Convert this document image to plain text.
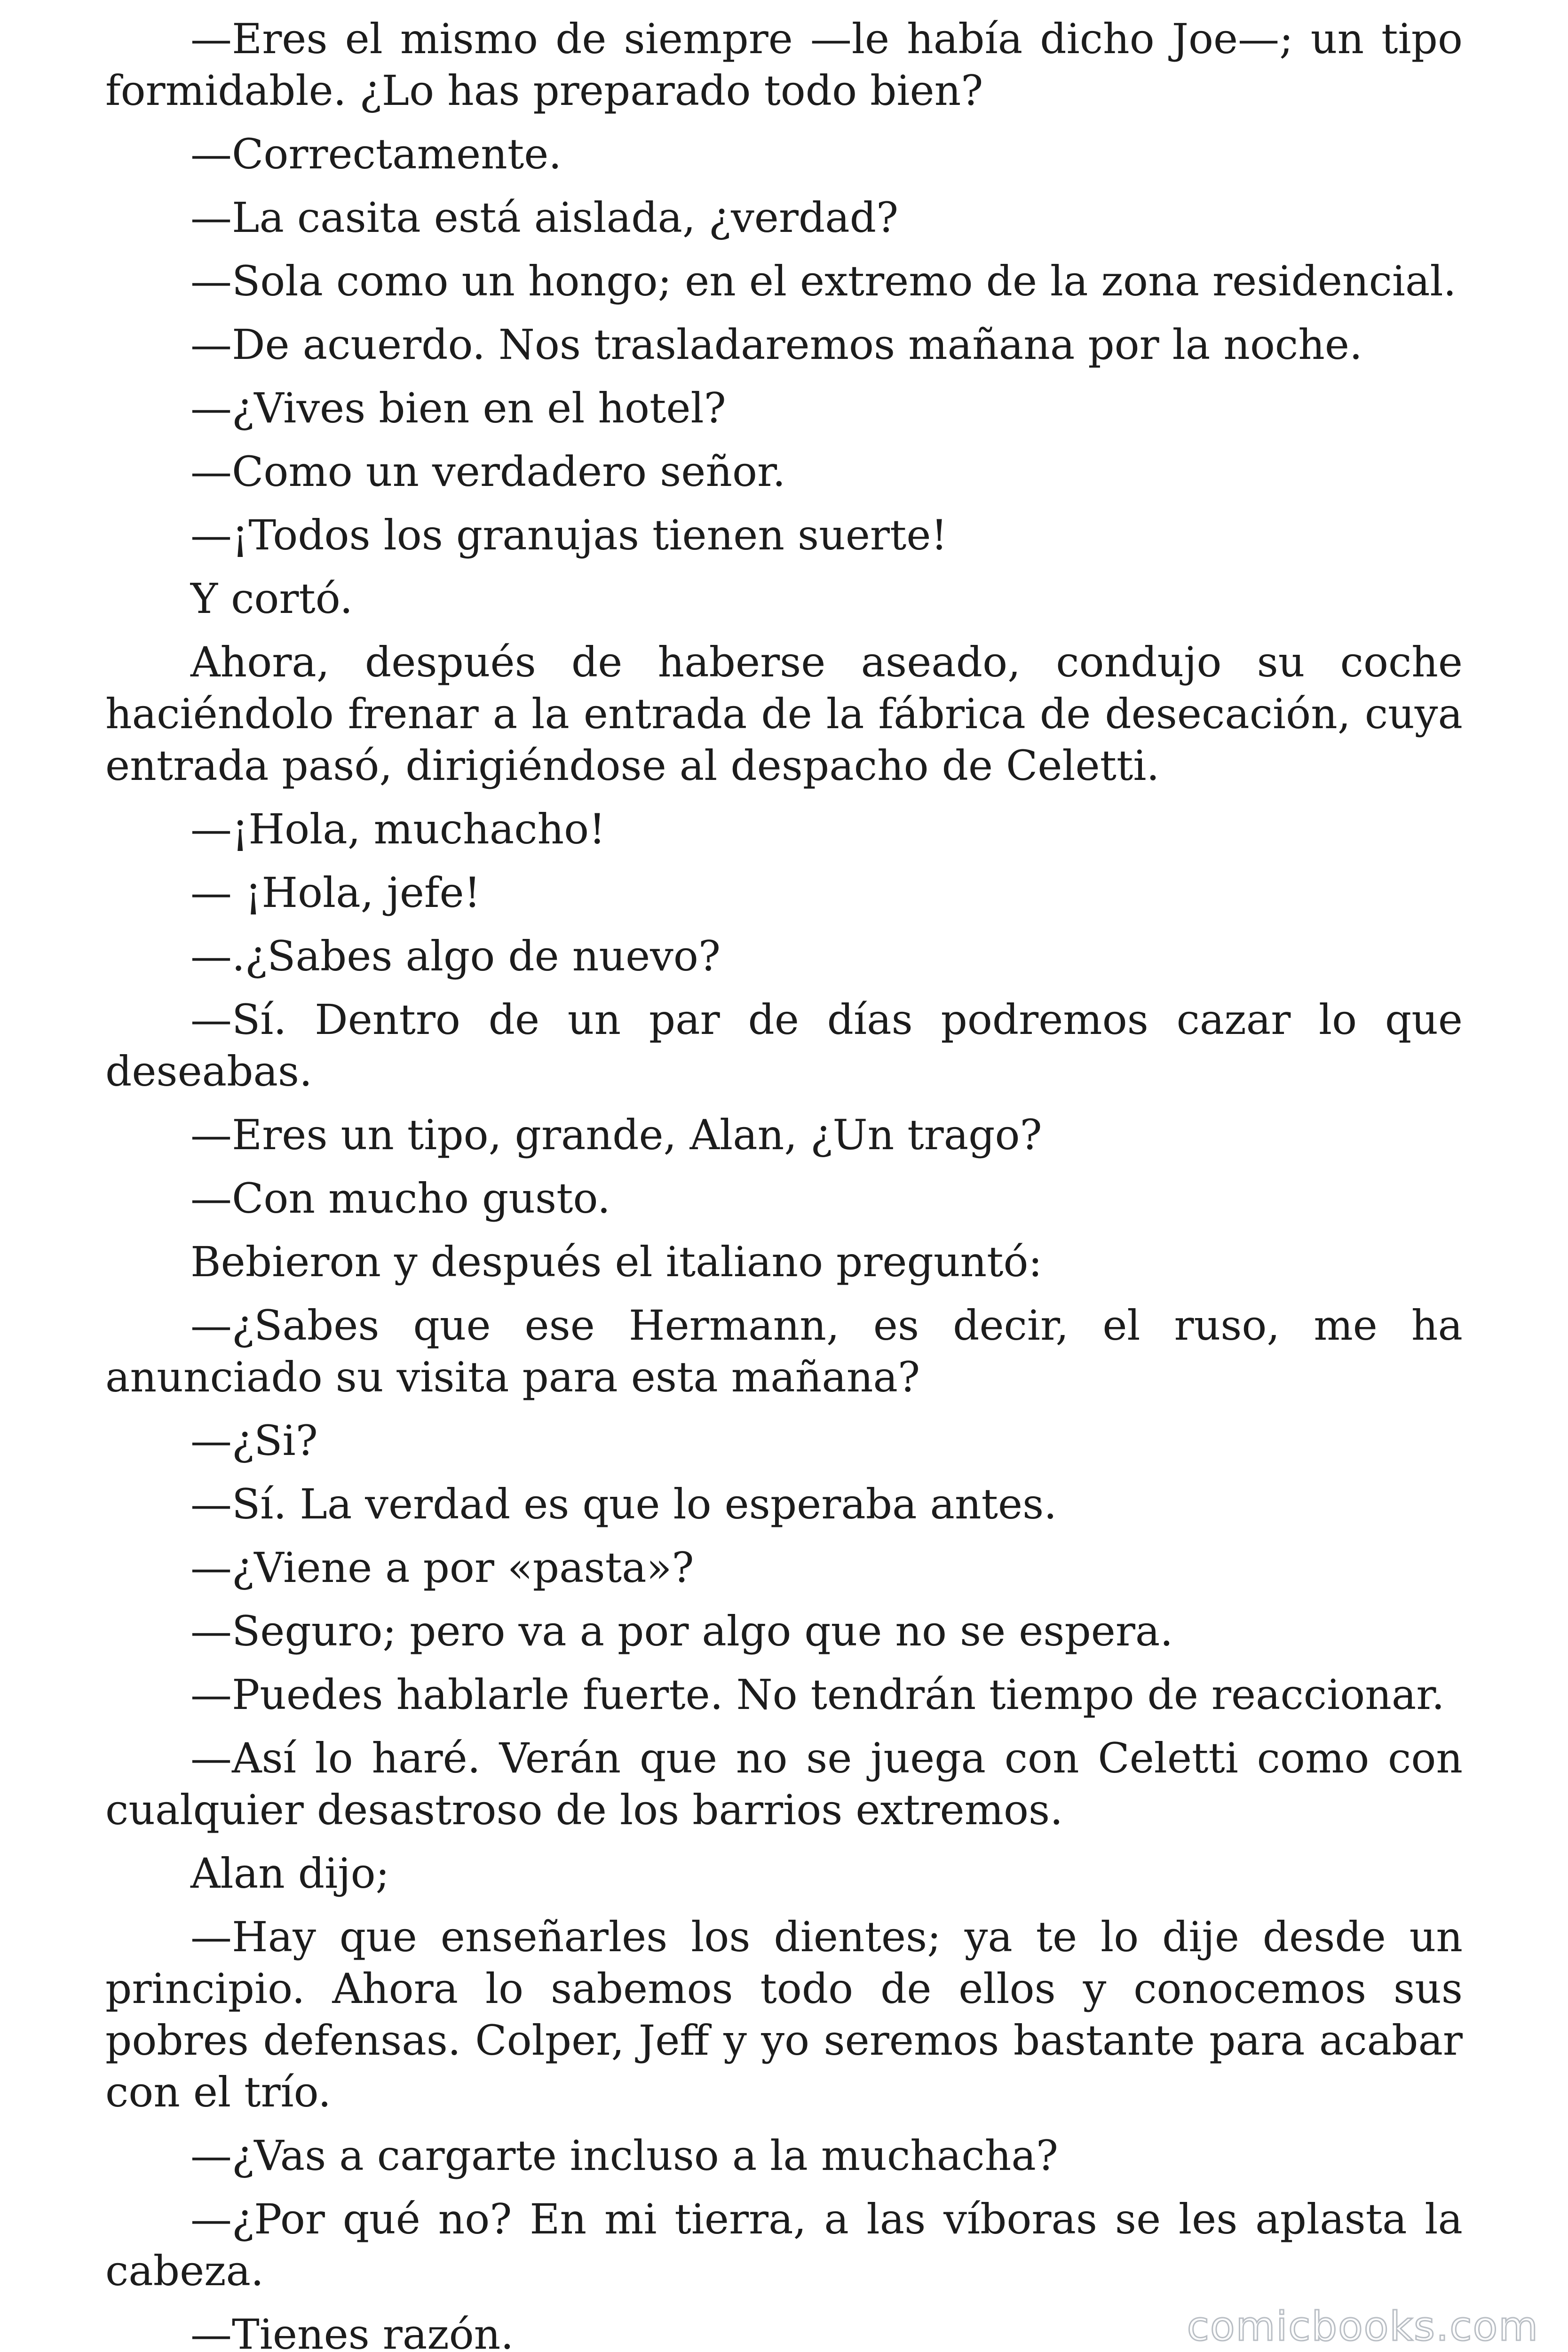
—Eres el mismo de siempre —le había dicho Joe—; un tipo formidable. ¿Lo has preparado todo bien?

—Correctamente.

—La casita está aislada, ¿verdad?

—Sola como un hongo; en el extremo de la zona residencial.

—De acuerdo. Nos trasladaremos mañana por la noche.

—¿Vives bien en el hotel?

—Como un verdadero señor.

—¡Todos los granujas tienen suerte!

Y cortó.

Ahora, después de haberse aseado, condujo su coche haciéndolo frenar a la entrada de la fábrica de desecación, cuya entrada pasó, dirigiéndose al despacho de Celetti.

—¡Hola, muchacho!

— ¡Hola, jefe!

—.¿Sabes algo de nuevo?

—Sí. Dentro de un par de días podremos cazar lo que deseabas.

—Eres un tipo, grande, Alan, ¿Un trago?

—Con mucho gusto.

Bebieron y después el italiano preguntó:

—¿Sabes que ese Hermann, es decir, el ruso, me ha anunciado su visita para esta mañana?

—¿Si?

—Sí. La verdad es que lo esperaba antes.

—¿Viene a por «pasta»?

—Seguro; pero va a por algo que no se espera.

—Puedes hablarle fuerte. No tendrán tiempo de reaccionar.

—Así lo haré. Verán que no se juega con Celetti como con cualquier desastroso de los barrios extremos.

Alan dijo;

—Hay que enseñarles los dientes; ya te lo dije desde un principio. Ahora lo sabemos todo de ellos y conocemos sus pobres defensas. Colper, Jeff y yo seremos bastante para acabar con el trío.

—¿Vas a cargarte incluso a la muchacha?

—¿Por qué no? En mi tierra, a las víboras se les aplasta la cabeza.

—Tienes razón.	comicbooks.com
